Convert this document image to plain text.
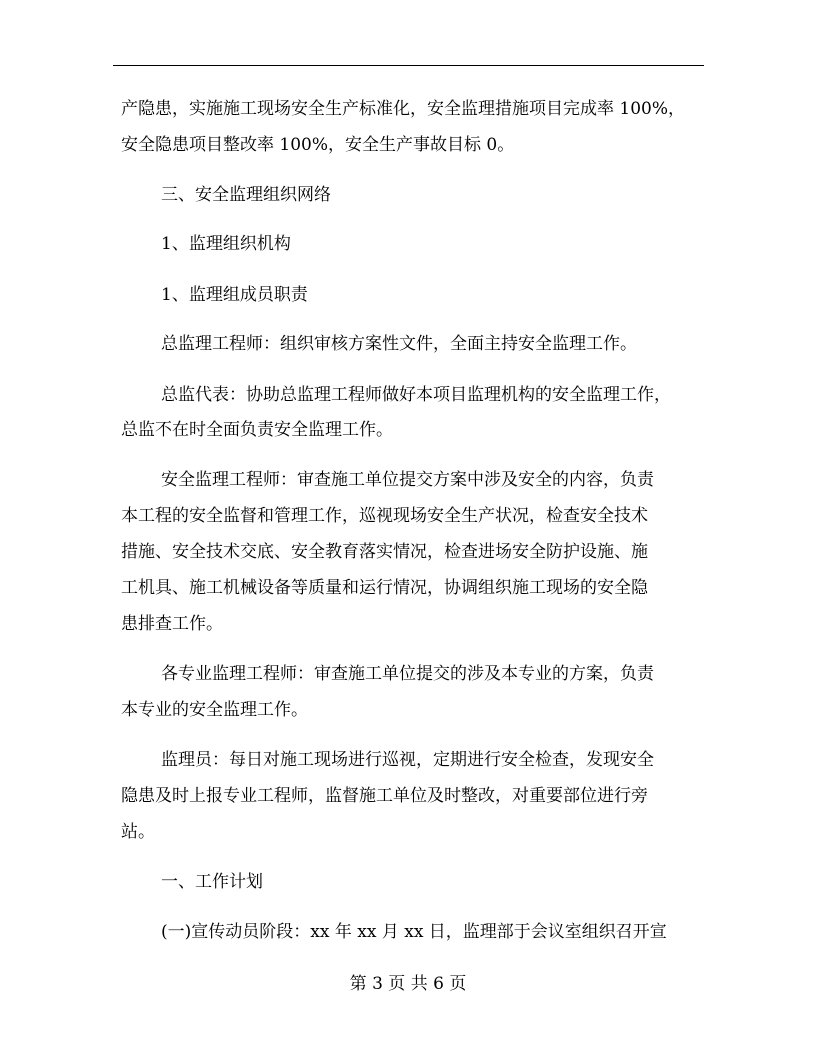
产隐患，实施施工现场安全生产标准化，安全监理措施项目完成率 100%，
安全隐患项目整改率 100%，安全生产事故目标 0。
三、安全监理组织网络
1、监理组织机构
1、监理组成员职责
总监理工程师：组织审核方案性文件，全面主持安全监理工作。
总监代表：协助总监理工程师做好本项目监理机构的安全监理工作，
总监不在时全面负责安全监理工作。
安全监理工程师：审查施工单位提交方案中涉及安全的内容，负责
本工程的安全监督和管理工作，巡视现场安全生产状况，检查安全技术
措施、安全技术交底、安全教育落实情况，检查进场安全防护设施、施
工机具、施工机械设备等质量和运行情况，协调组织施工现场的安全隐
患排查工作。
各专业监理工程师：审查施工单位提交的涉及本专业的方案，负责
本专业的安全监理工作。
监理员：每日对施工现场进行巡视，定期进行安全检查，发现安全
隐患及时上报专业工程师，监督施工单位及时整改，对重要部位进行旁
站。
一、工作计划
(一)宣传动员阶段：xx 年 xx 月 xx 日，监理部于会议室组织召开宣
第 3 页 共 6 页
